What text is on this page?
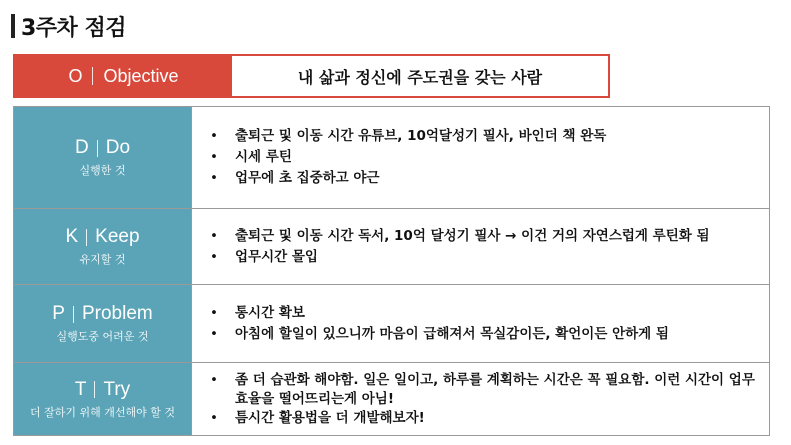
3주차 점검
O Objective	내 삶과 정신에 주도권을 갖는 사람
D Do
실행한 것
• 출퇴근 및 이동 시간 유튜브, 10억달성기 필사, 바인더 책 완독
• 시세 루틴
• 업무에 초 집중하고 야근
K Keep
유지할 것
• 출퇴근 및 이동 시간 독서, 10억 달성기 필사 → 이건 거의 자연스럽게 루틴화 됨
• 업무시간 몰입
P Problem
실행도중 어려운 것
• 통시간 확보
• 아침에 할일이 있으니까 마음이 급해져서 목실감이든, 확언이든 안하게 됨
T Try
더 잘하기 위해 개선해야 할 것
• 좀 더 습관화 해야함. 일은 일이고, 하루를 계획하는 시간은 꼭 필요함. 이런 시간이 업무 효율을 떨어뜨리는게 아님!
• 틈시간 활용법을 더 개발해보자!
